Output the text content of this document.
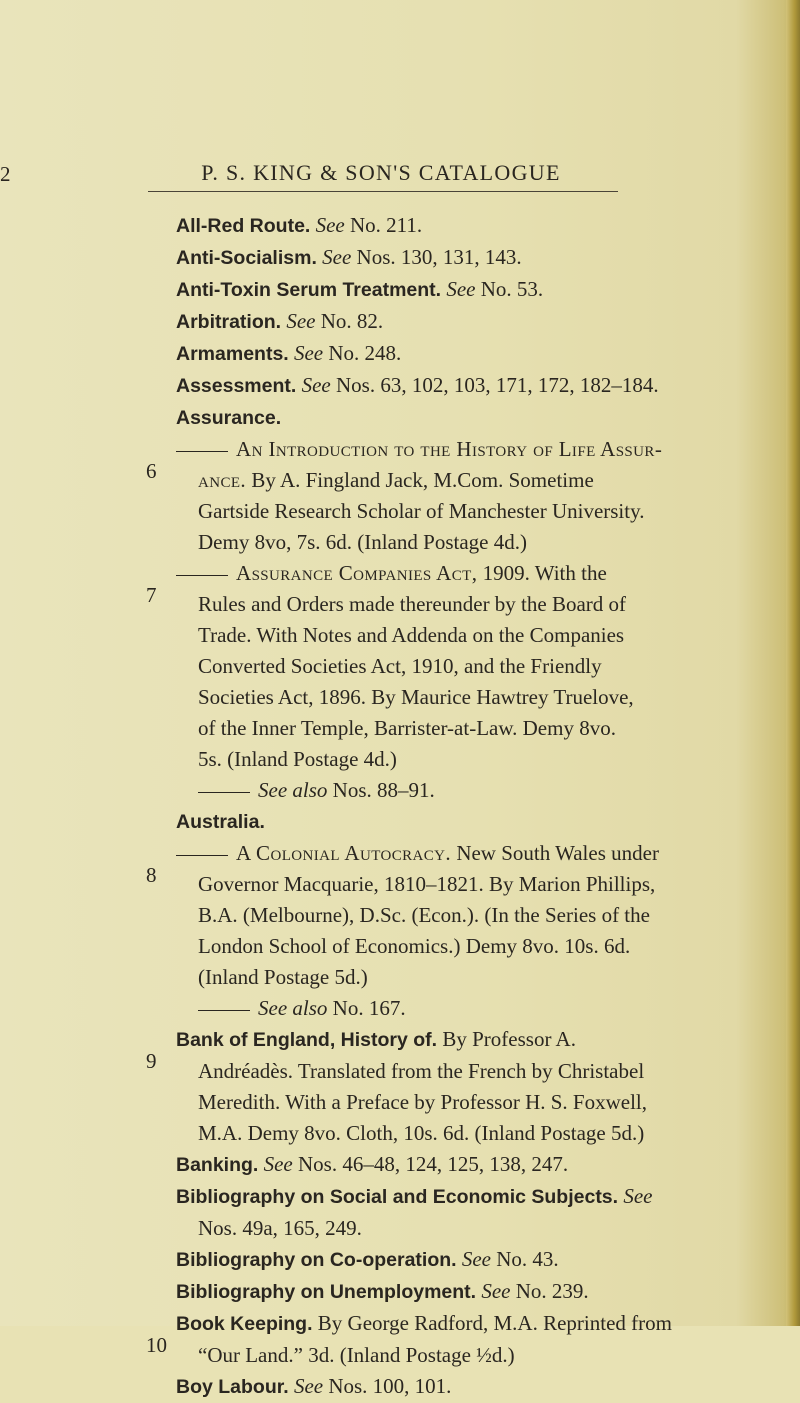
2	P. S. KING & SON'S CATALOGUE
All-Red Route. See No. 211.
Anti-Socialism. See Nos. 130, 131, 143.
Anti-Toxin Serum Treatment. See No. 53.
Arbitration. See No. 82.
Armaments. See No. 248.
Assessment. See Nos. 63, 102, 103, 171, 172, 182–184.
Assurance.
6
An Introduction to the History of Life Assur-
ance. By A. Fingland Jack, M.Com. Sometime
Gartside Research Scholar of Manchester University.
Demy 8vo, 7s. 6d. (Inland Postage 4d.)
7
Assurance Companies Act, 1909. With the
Rules and Orders made thereunder by the Board of
Trade. With Notes and Addenda on the Companies
Converted Societies Act, 1910, and the Friendly
Societies Act, 1896. By Maurice Hawtrey Truelove,
of the Inner Temple, Barrister-at-Law. Demy 8vo.
5s. (Inland Postage 4d.)
See also Nos. 88–91.
Australia.
8
A Colonial Autocracy. New South Wales under
Governor Macquarie, 1810–1821. By Marion Phillips,
B.A. (Melbourne), D.Sc. (Econ.). (In the Series of the
London School of Economics.) Demy 8vo. 10s. 6d.
(Inland Postage 5d.)
See also No. 167.
9
Bank of England, History of. By Professor A.
Andréadès. Translated from the French by Christabel
Meredith. With a Preface by Professor H. S. Foxwell,
M.A. Demy 8vo. Cloth, 10s. 6d. (Inland Postage 5d.)
Banking. See Nos. 46–48, 124, 125, 138, 247.
Bibliography on Social and Economic Subjects. See
Nos. 49a, 165, 249.
Bibliography on Co-operation. See No. 43.
Bibliography on Unemployment. See No. 239.
10
Book Keeping. By George Radford, M.A. Reprinted from
“Our Land.” 3d. (Inland Postage ½d.)
Boy Labour. See Nos. 100, 101.
